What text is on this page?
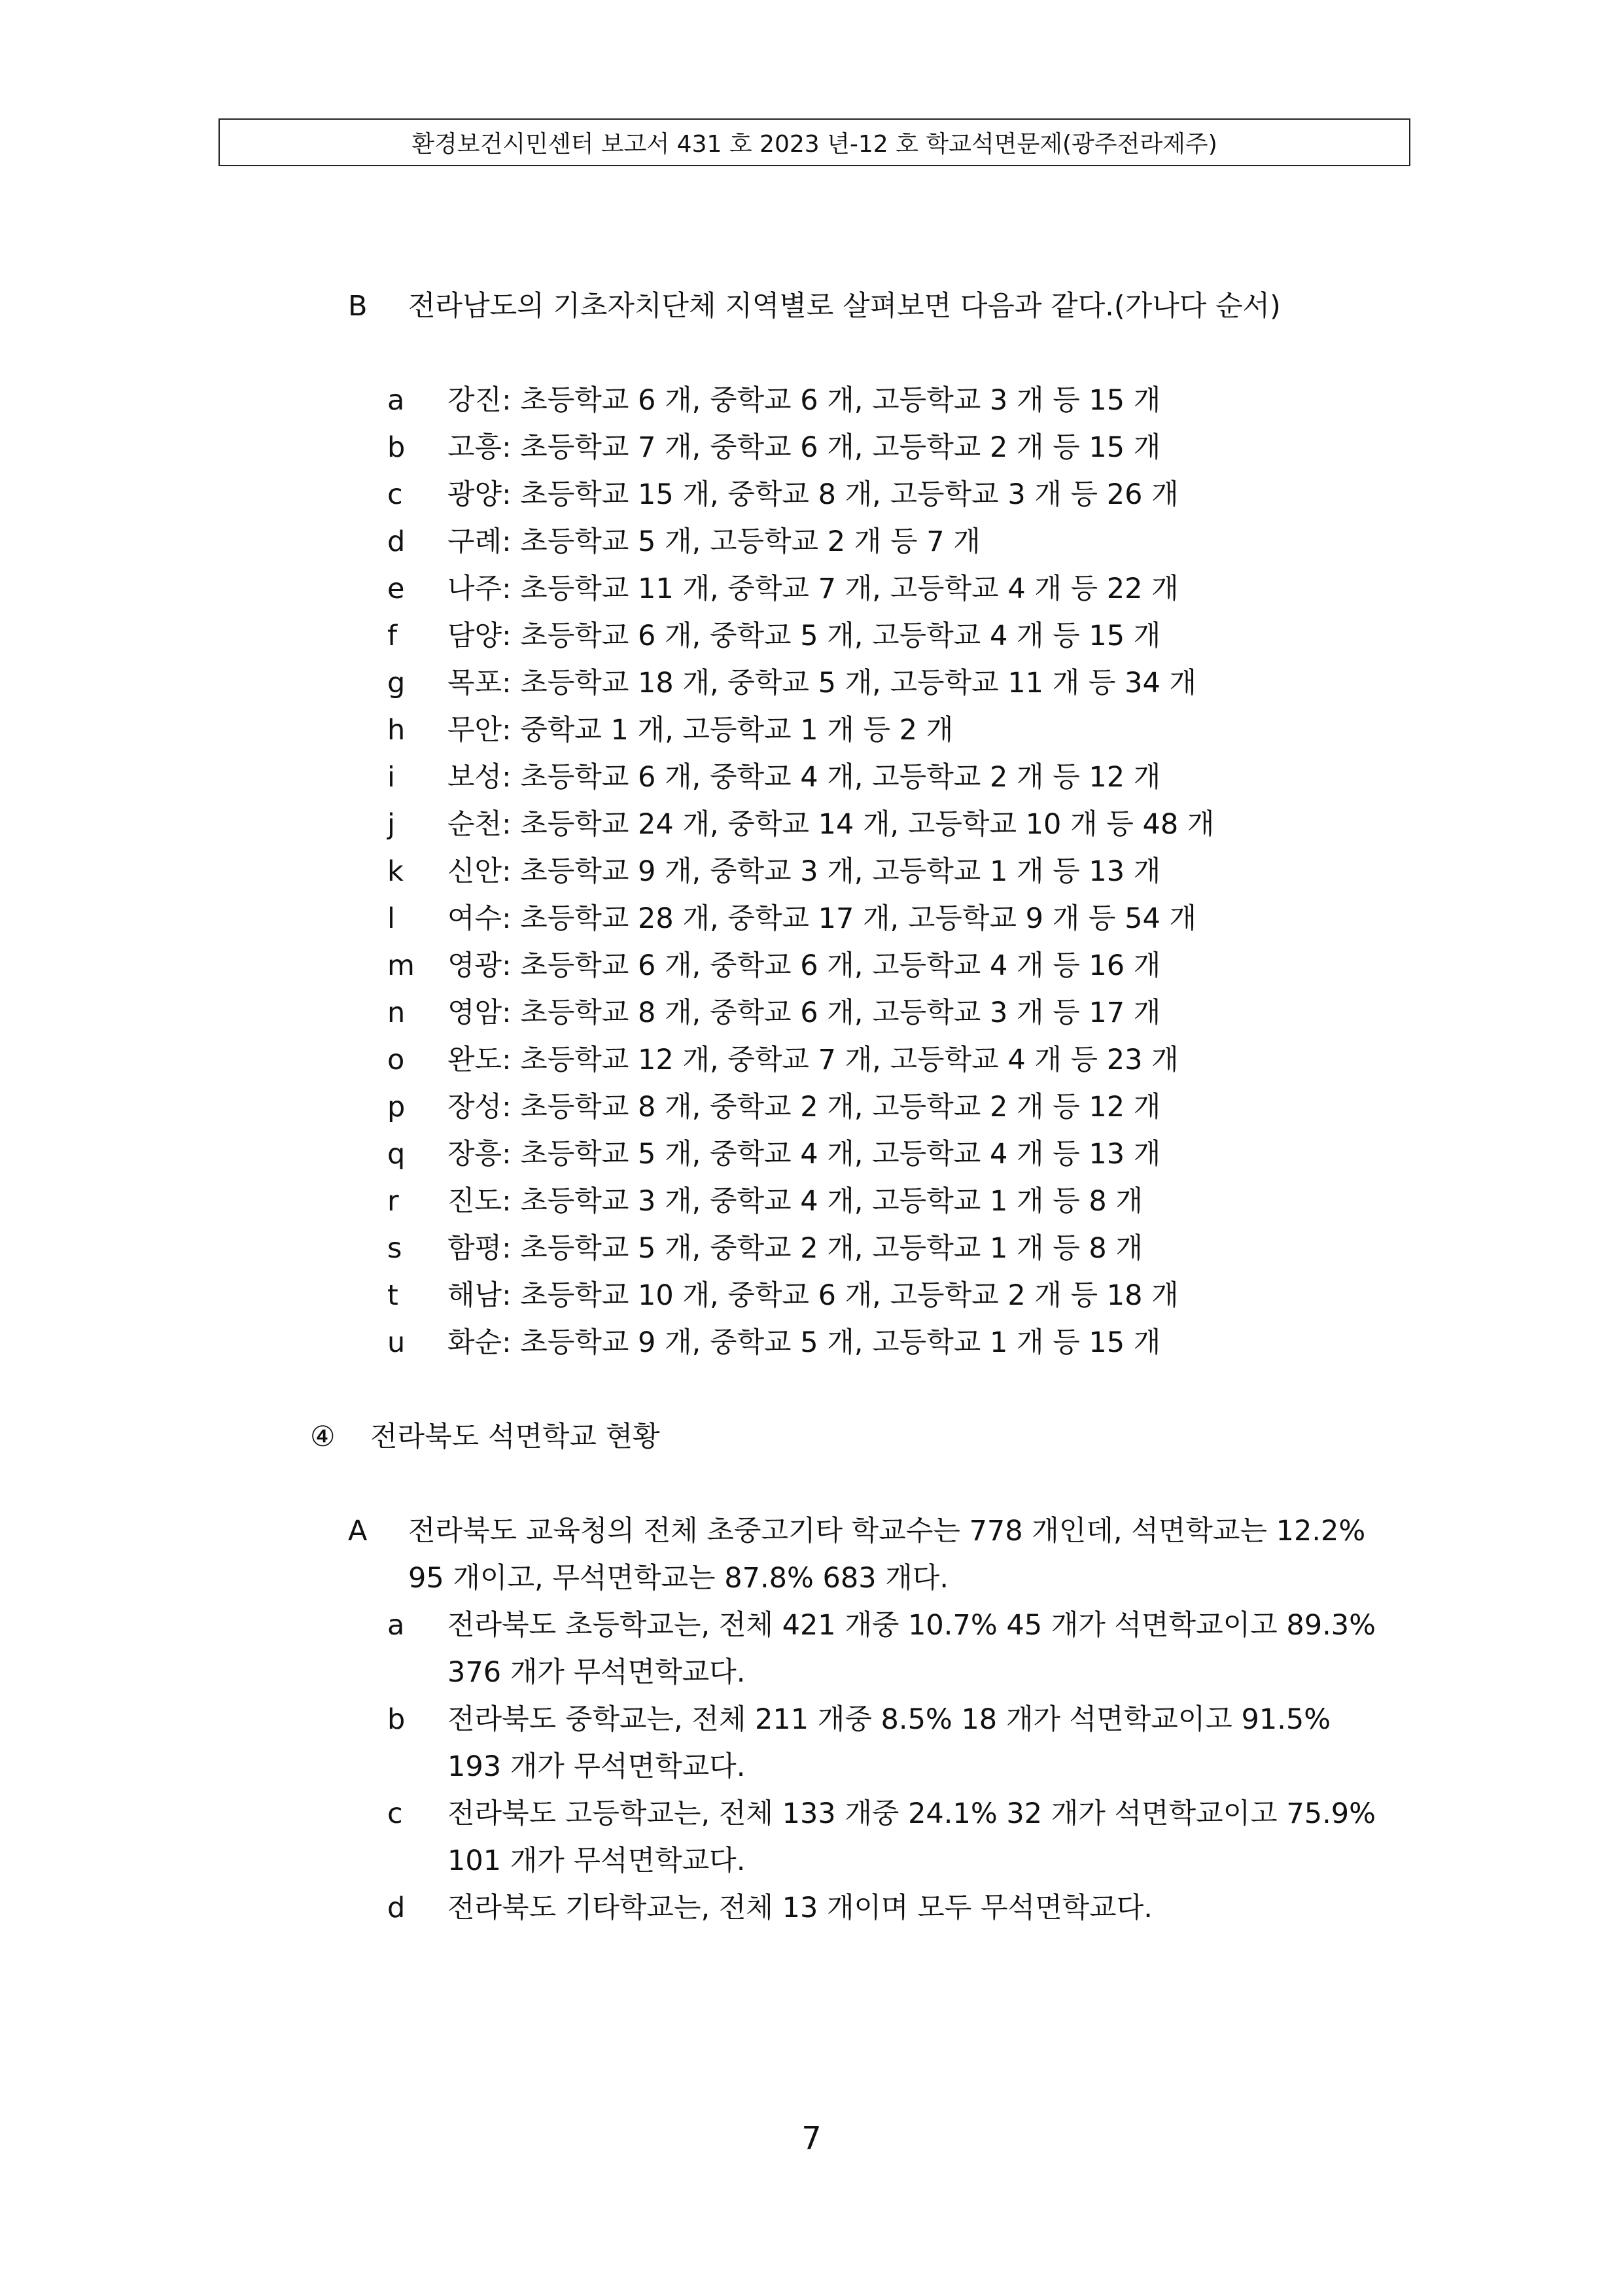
환경보건시민센터 보고서 431 호 2023 년-12 호 학교석면문제(광주전라제주)
B 전라남도의 기초자치단체 지역별로 살펴보면 다음과 같다.(가나다 순서)
a 강진: 초등학교 6 개, 중학교 6 개, 고등학교 3 개 등 15 개
b 고흥: 초등학교 7 개, 중학교 6 개, 고등학교 2 개 등 15 개
c 광양: 초등학교 15 개, 중학교 8 개, 고등학교 3 개 등 26 개
d 구례: 초등학교 5 개, 고등학교 2 개 등 7 개
e 나주: 초등학교 11 개, 중학교 7 개, 고등학교 4 개 등 22 개
f 담양: 초등학교 6 개, 중학교 5 개, 고등학교 4 개 등 15 개
g 목포: 초등학교 18 개, 중학교 5 개, 고등학교 11 개 등 34 개
h 무안: 중학교 1 개, 고등학교 1 개 등 2 개
i 보성: 초등학교 6 개, 중학교 4 개, 고등학교 2 개 등 12 개
j 순천: 초등학교 24 개, 중학교 14 개, 고등학교 10 개 등 48 개
k 신안: 초등학교 9 개, 중학교 3 개, 고등학교 1 개 등 13 개
l 여수: 초등학교 28 개, 중학교 17 개, 고등학교 9 개 등 54 개
m 영광: 초등학교 6 개, 중학교 6 개, 고등학교 4 개 등 16 개
n 영암: 초등학교 8 개, 중학교 6 개, 고등학교 3 개 등 17 개
o 완도: 초등학교 12 개, 중학교 7 개, 고등학교 4 개 등 23 개
p 장성: 초등학교 8 개, 중학교 2 개, 고등학교 2 개 등 12 개
q 장흥: 초등학교 5 개, 중학교 4 개, 고등학교 4 개 등 13 개
r 진도: 초등학교 3 개, 중학교 4 개, 고등학교 1 개 등 8 개
s 함평: 초등학교 5 개, 중학교 2 개, 고등학교 1 개 등 8 개
t 해남: 초등학교 10 개, 중학교 6 개, 고등학교 2 개 등 18 개
u 화순: 초등학교 9 개, 중학교 5 개, 고등학교 1 개 등 15 개
④ 전라북도 석면학교 현황
A 전라북도 교육청의 전체 초중고기타 학교수는 778 개인데, 석면학교는 12.2%
95 개이고, 무석면학교는 87.8% 683 개다.
a 전라북도 초등학교는, 전체 421 개중 10.7% 45 개가 석면학교이고 89.3%
376 개가 무석면학교다.
b 전라북도 중학교는, 전체 211 개중 8.5% 18 개가 석면학교이고 91.5%
193 개가 무석면학교다.
c 전라북도 고등학교는, 전체 133 개중 24.1% 32 개가 석면학교이고 75.9%
101 개가 무석면학교다.
d 전라북도 기타학교는, 전체 13 개이며 모두 무석면학교다.
7
